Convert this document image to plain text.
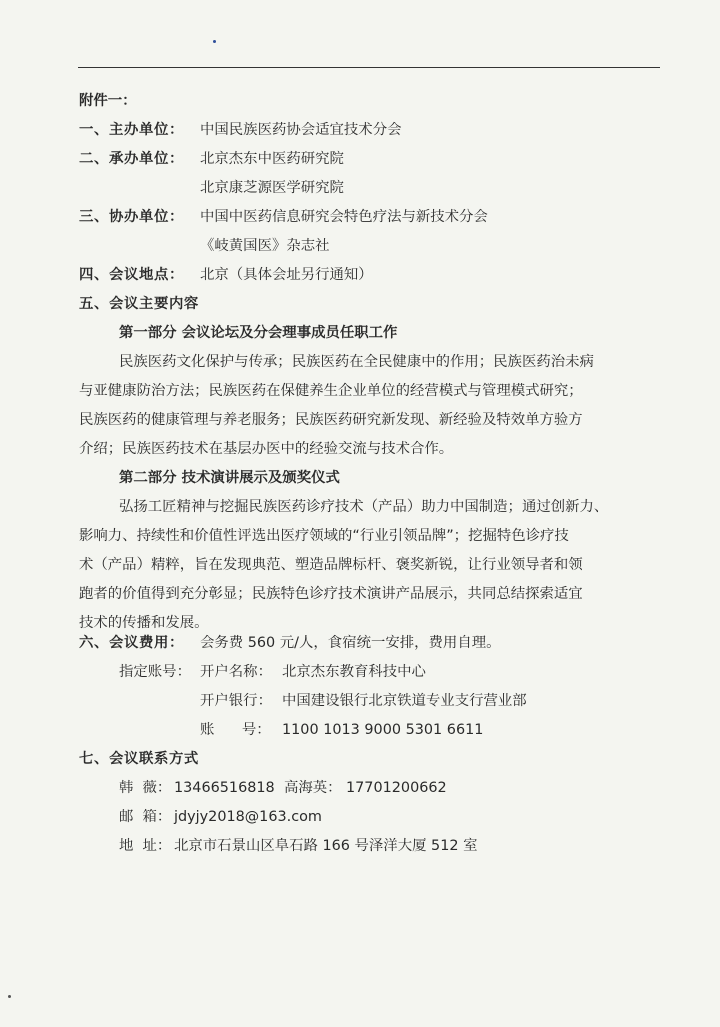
附件一：
一、主办单位： 中国民族医药协会适宜技术分会
二、承办单位： 北京杰东中医药研究院
北京康芝源医学研究院
三、协办单位： 中国中医药信息研究会特色疗法与新技术分会
《岐黄国医》杂志社
四、会议地点： 北京（具体会址另行通知）
五、会议主要内容
第一部分 会议论坛及分会理事成员任职工作
民族医药文化保护与传承；民族医药在全民健康中的作用；民族医药治未病
与亚健康防治方法；民族医药在保健养生企业单位的经营模式与管理模式研究；
民族医药的健康管理与养老服务；民族医药研究新发现、新经验及特效单方验方
介绍；民族医药技术在基层办医中的经验交流与技术合作。
第二部分 技术演讲展示及颁奖仪式
弘扬工匠精神与挖掘民族医药诊疗技术（产品）助力中国制造；通过创新力、
影响力、持续性和价值性评选出医疗领域的“行业引领品牌”；挖掘特色诊疗技
术（产品）精粹，旨在发现典范、塑造品牌标杆、褒奖新锐，让行业领导者和领
跑者的价值得到充分彰显；民族特色诊疗技术演讲产品展示，共同总结探索适宜
技术的传播和发展。
六、会议费用： 会务费 560 元/人，食宿统一安排，费用自理。
指定账号： 开户名称： 北京杰东教育科技中心
开户银行： 中国建设银行北京铁道专业支行营业部
账      号： 1100 1013 9000 5301 6611
七、会议联系方式
韩  薇： 13466516818 高海英： 17701200662
邮  箱： jdyjy2018@163.com
地  址： 北京市石景山区阜石路 166 号泽洋大厦 512 室
